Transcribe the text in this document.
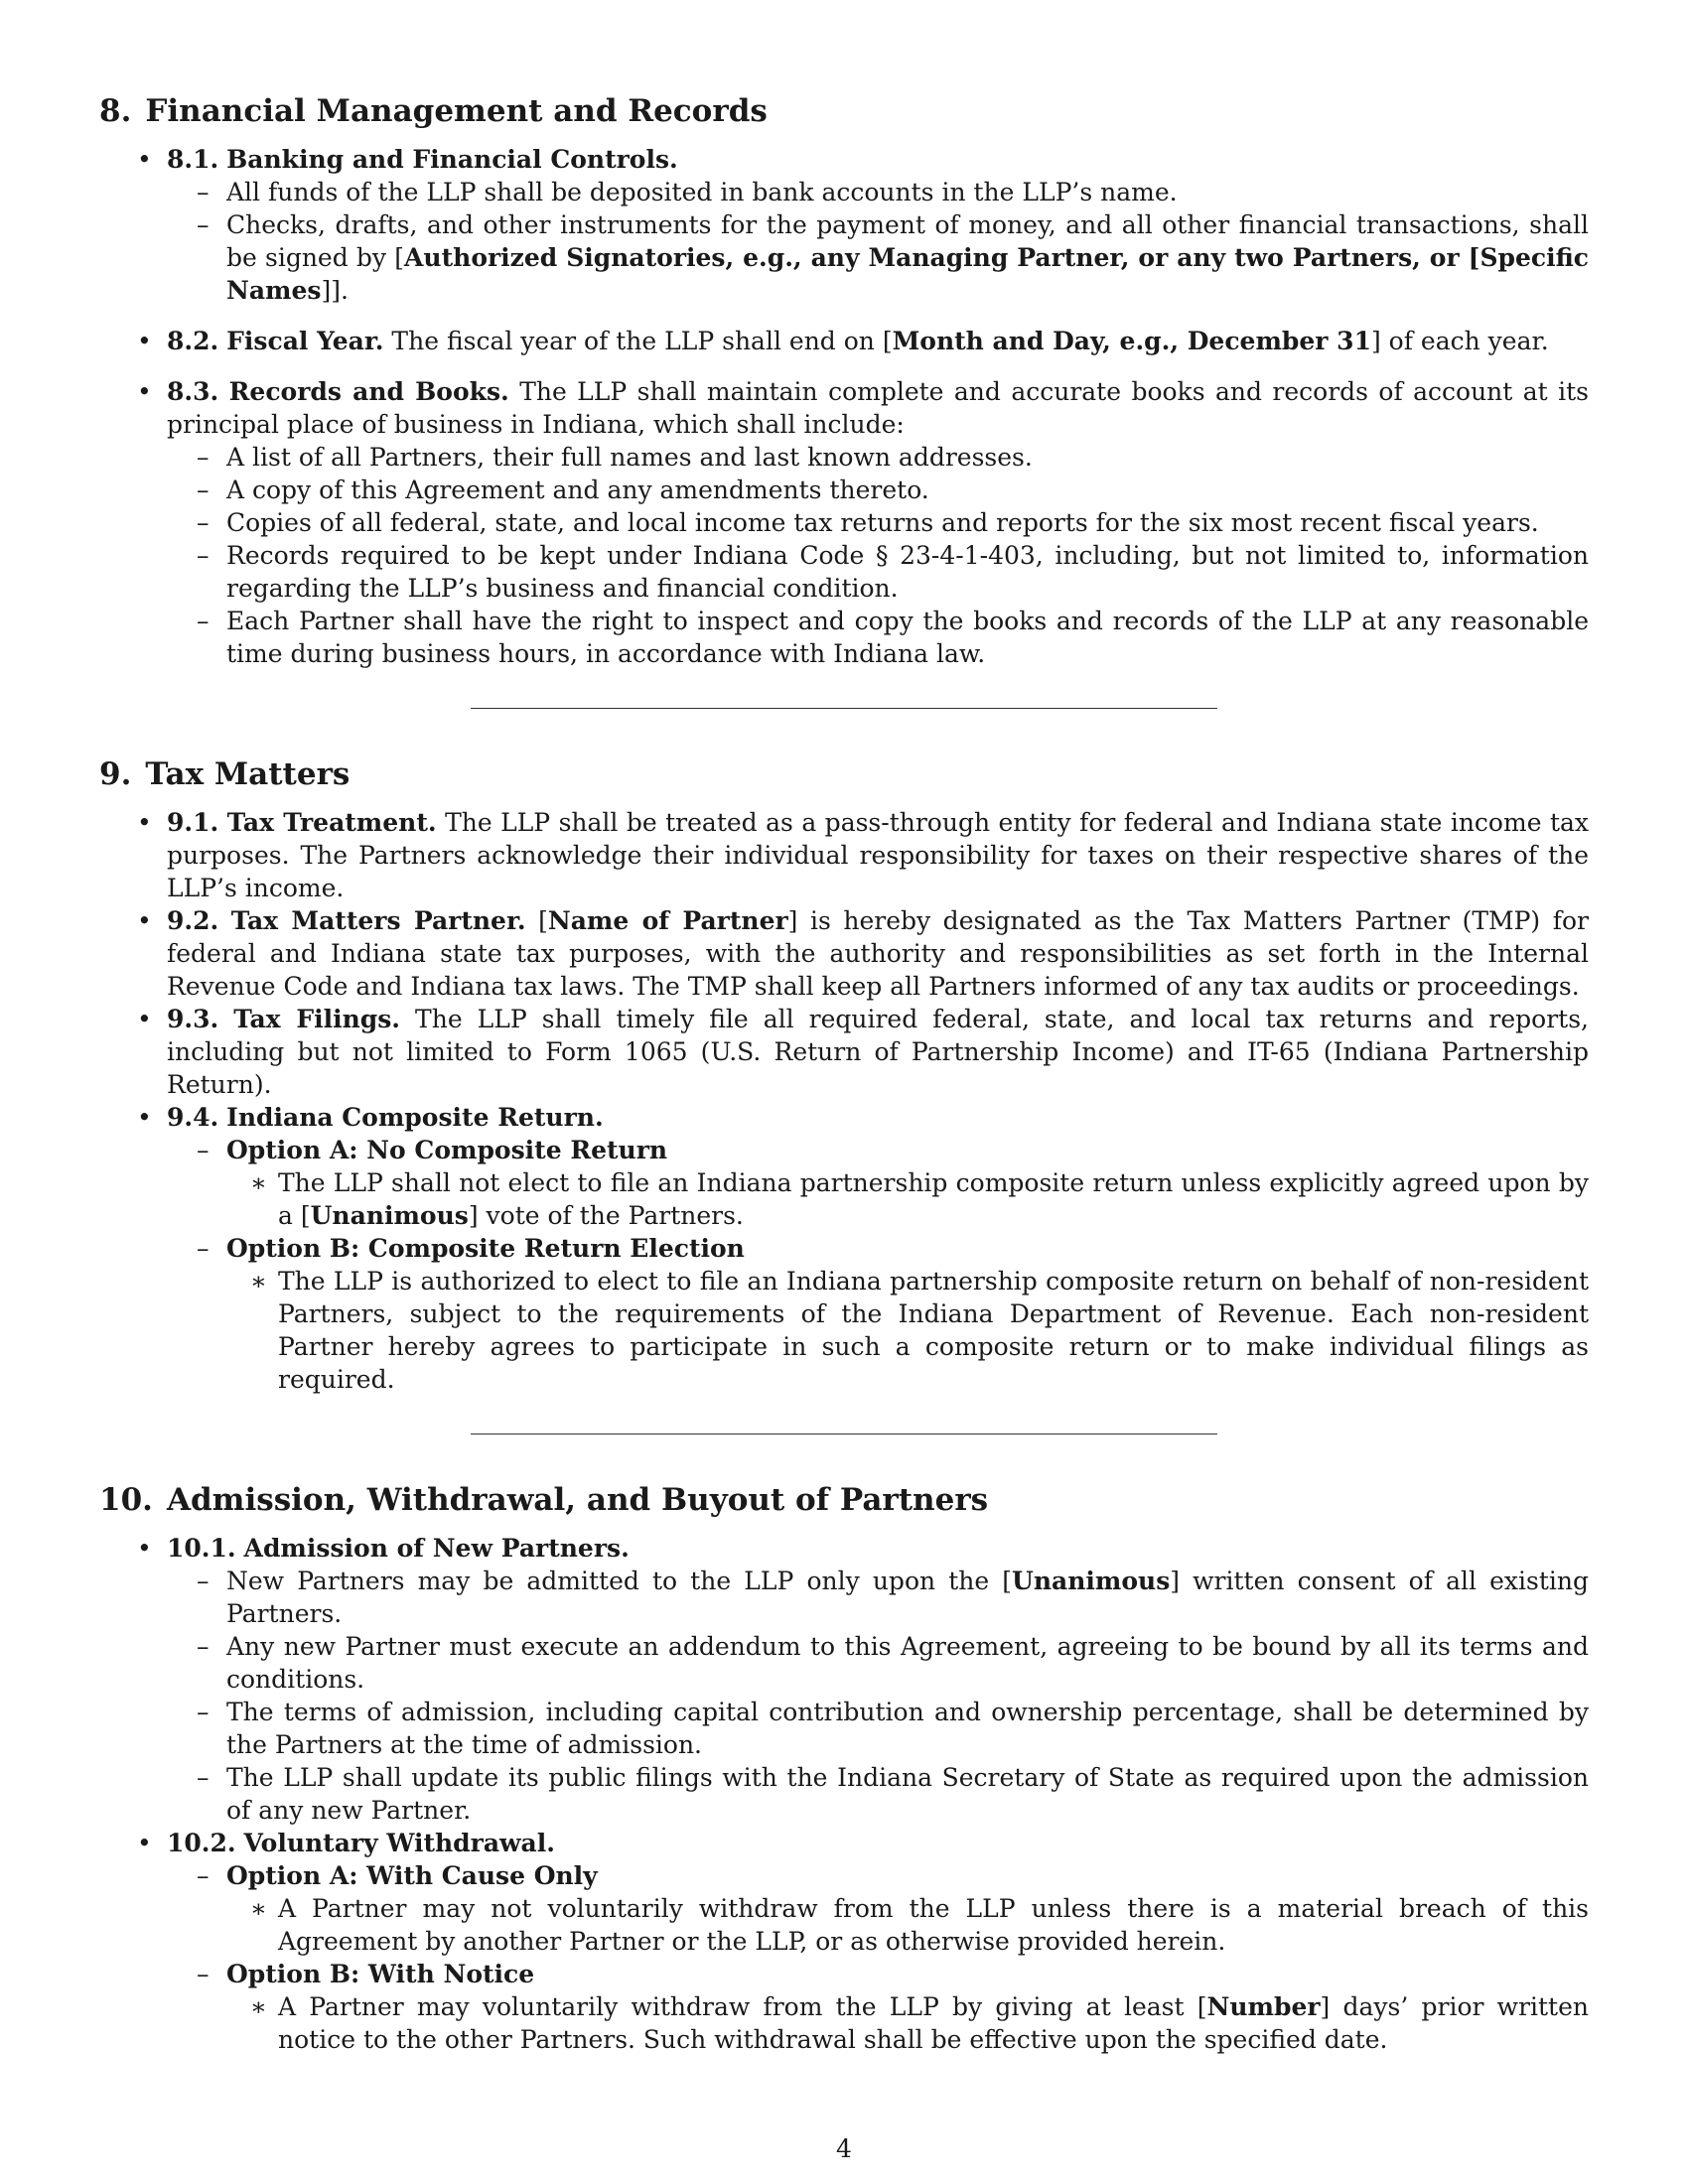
8. Financial Management and Records
• 8.1. Banking and Financial Controls.
– All funds of the LLP shall be deposited in bank accounts in the LLP’s name.
– Checks, drafts, and other instruments for the payment of money, and all other financial transactions, shall be signed by [Authorized Signatories, e.g., any Managing Partner, or any two Partners, or [Specific Names]].
• 8.2. Fiscal Year. The fiscal year of the LLP shall end on [Month and Day, e.g., December 31] of each year.
• 8.3. Records and Books. The LLP shall maintain complete and accurate books and records of account at its principal place of business in Indiana, which shall include:
– A list of all Partners, their full names and last known addresses.
– A copy of this Agreement and any amendments thereto.
– Copies of all federal, state, and local income tax returns and reports for the six most recent fiscal years.
– Records required to be kept under Indiana Code § 23-4-1-403, including, but not limited to, information regarding the LLP’s business and financial condition.
– Each Partner shall have the right to inspect and copy the books and records of the LLP at any reasonable time during business hours, in accordance with Indiana law.
9. Tax Matters
• 9.1. Tax Treatment. The LLP shall be treated as a pass-through entity for federal and Indiana state income tax purposes. The Partners acknowledge their individual responsibility for taxes on their respective shares of the LLP’s income.
• 9.2. Tax Matters Partner. [Name of Partner] is hereby designated as the Tax Matters Partner (TMP) for federal and Indiana state tax purposes, with the authority and responsibilities as set forth in the Internal Revenue Code and Indiana tax laws. The TMP shall keep all Partners informed of any tax audits or proceedings.
• 9.3. Tax Filings. The LLP shall timely file all required federal, state, and local tax returns and reports, including but not limited to Form 1065 (U.S. Return of Partnership Income) and IT-65 (Indiana Partnership Return).
• 9.4. Indiana Composite Return.
– Option A: No Composite Return
∗ The LLP shall not elect to file an Indiana partnership composite return unless explicitly agreed upon by a [Unanimous] vote of the Partners.
– Option B: Composite Return Election
∗ The LLP is authorized to elect to file an Indiana partnership composite return on behalf of non-resident Partners, subject to the requirements of the Indiana Department of Revenue. Each non-resident Partner hereby agrees to participate in such a composite return or to make individual filings as required.
10. Admission, Withdrawal, and Buyout of Partners
• 10.1. Admission of New Partners.
– New Partners may be admitted to the LLP only upon the [Unanimous] written consent of all existing Partners.
– Any new Partner must execute an addendum to this Agreement, agreeing to be bound by all its terms and conditions.
– The terms of admission, including capital contribution and ownership percentage, shall be determined by the Partners at the time of admission.
– The LLP shall update its public filings with the Indiana Secretary of State as required upon the admission of any new Partner.
• 10.2. Voluntary Withdrawal.
– Option A: With Cause Only
∗ A Partner may not voluntarily withdraw from the LLP unless there is a material breach of this Agreement by another Partner or the LLP, or as otherwise provided herein.
– Option B: With Notice
∗ A Partner may voluntarily withdraw from the LLP by giving at least [Number] days’ prior written notice to the other Partners. Such withdrawal shall be effective upon the specified date.
4
